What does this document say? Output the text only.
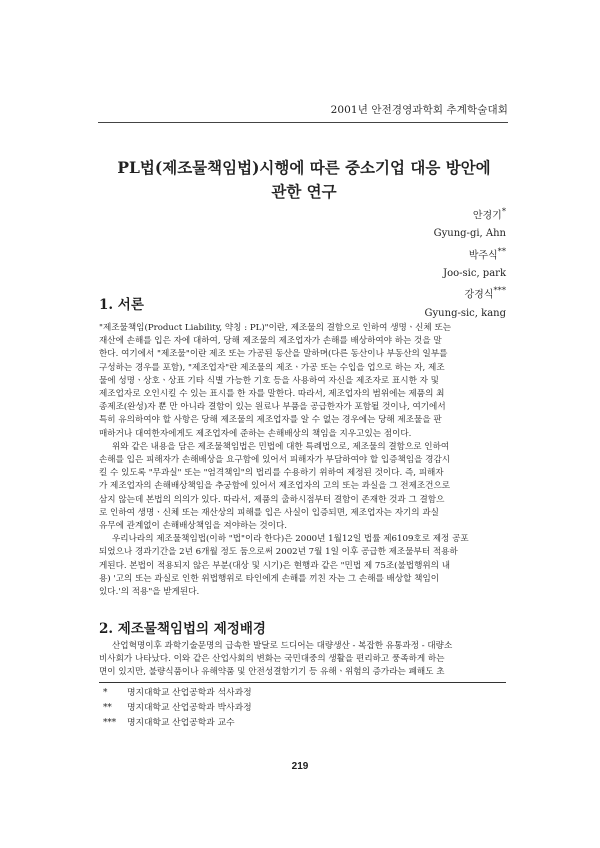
2001년 안전경영과학회 추계학술대회
PL법(제조물책임법)시행에 따른 중소기업 대응 방안에
관한 연구
안경기*
Gyung-gi, Ahn
박주식**
Joo-sic, park
강경식***
Gyung-sic, kang
1. 서론
"제조물책임(Product Liability, 약칭 : PL)"이란, 제조물의 결함으로 인하여 생명ㆍ신체 또는
재산에 손해를 입은 자에 대하여, 당해 제조물의 제조업자가 손해를 배상하여야 하는 것을 말
한다. 여기에서 "제조물"이란 제조 또는 가공된 동산을 말하며(다른 동산이나 부동산의 일부를
구성하는 경우를 포함), "제조업자"란 제조물의 제조ㆍ가공 또는 수입을 업으로 하는 자, 제조
물에 성명ㆍ상호ㆍ상표 기타 식별 가능한 기호 등을 사용하여 자신을 제조자로 표시한 자 및
제조업자로 오인시킬 수 있는 표시를 한 자를 말한다. 따라서, 제조업자의 범위에는 제품의 최
종제조(완성)자 뿐 만 아니라 결함이 있는 원료나 부품을 공급한자가 포함될 것이나, 여기에서
특히 유의하여야 할 사항은 당해 제조물의 제조업자를 알 수 없는 경우에는 당해 제조물을 판
매하거나 대여한자에게도 제조업자에 준하는 손해배상의 책임을 지우고있는 점이다.
위와 같은 내용을 담은 제조물책임법은 민법에 대한 특례법으로, 제조물의 결함으로 인하여
손해를 입은 피해자가 손해배상을 요구함에 있어서 피해자가 부담하여야 할 입증책임을 경감시
킬 수 있도록 "무과실" 또는 "엄격책임"의 법리를 수용하기 위하여 제정된 것이다. 즉, 피해자
가 제조업자의 손해배상책임을 추궁함에 있어서 제조업자의 고의 또는 과실을 그 전제조건으로
삼지 않는데 본법의 의의가 있다. 따라서, 제품의 출하시점부터 결함이 존재한 것과 그 결함으
로 인하여 생명ㆍ신체 또는 재산상의 피해를 입은 사실이 입증되면, 제조업자는 자기의 과실
유무에 관계없이 손해배상책임을 져야하는 것이다.
우리나라의 제조물책임법(이하 "법"이라 한다)은 2000년 1월12일 법률 제6109호로 제정 공포
되었으나 경과기간을 2년 6개월 정도 둠으로써 2002년 7월 1일 이후 공급한 제조물부터 적용하
게된다. 본법이 적용되지 않은 부분(대상 및 시기)은 현행과 같은 "민법 제 75조(불법행위의 내
용) '고의 또는 과실로 인한 위법행위로 타인에게 손해를 끼친 자는 그 손해를 배상할 책임이
있다.'의 적용"을 받게된다.
2. 제조물책임법의 제정배경
산업혁명이후 과학기술문명의 급속한 발달로 드디어는 대량생산 - 복잡한 유통과정 - 대량소
비사회가 나타났다. 이와 같은 산업사회의 변화는 국민대중의 생활을 편리하고 풍족하게 하는
면이 있지만, 불량식품이나 유해약품 및 안전성결함기기 등 유해ㆍ위험의 증가라는 폐해도 초
* 명지대학교 산업공학과 석사과정
** 명지대학교 산업공학과 박사과정
*** 명지대학교 산업공학과 교수
219
